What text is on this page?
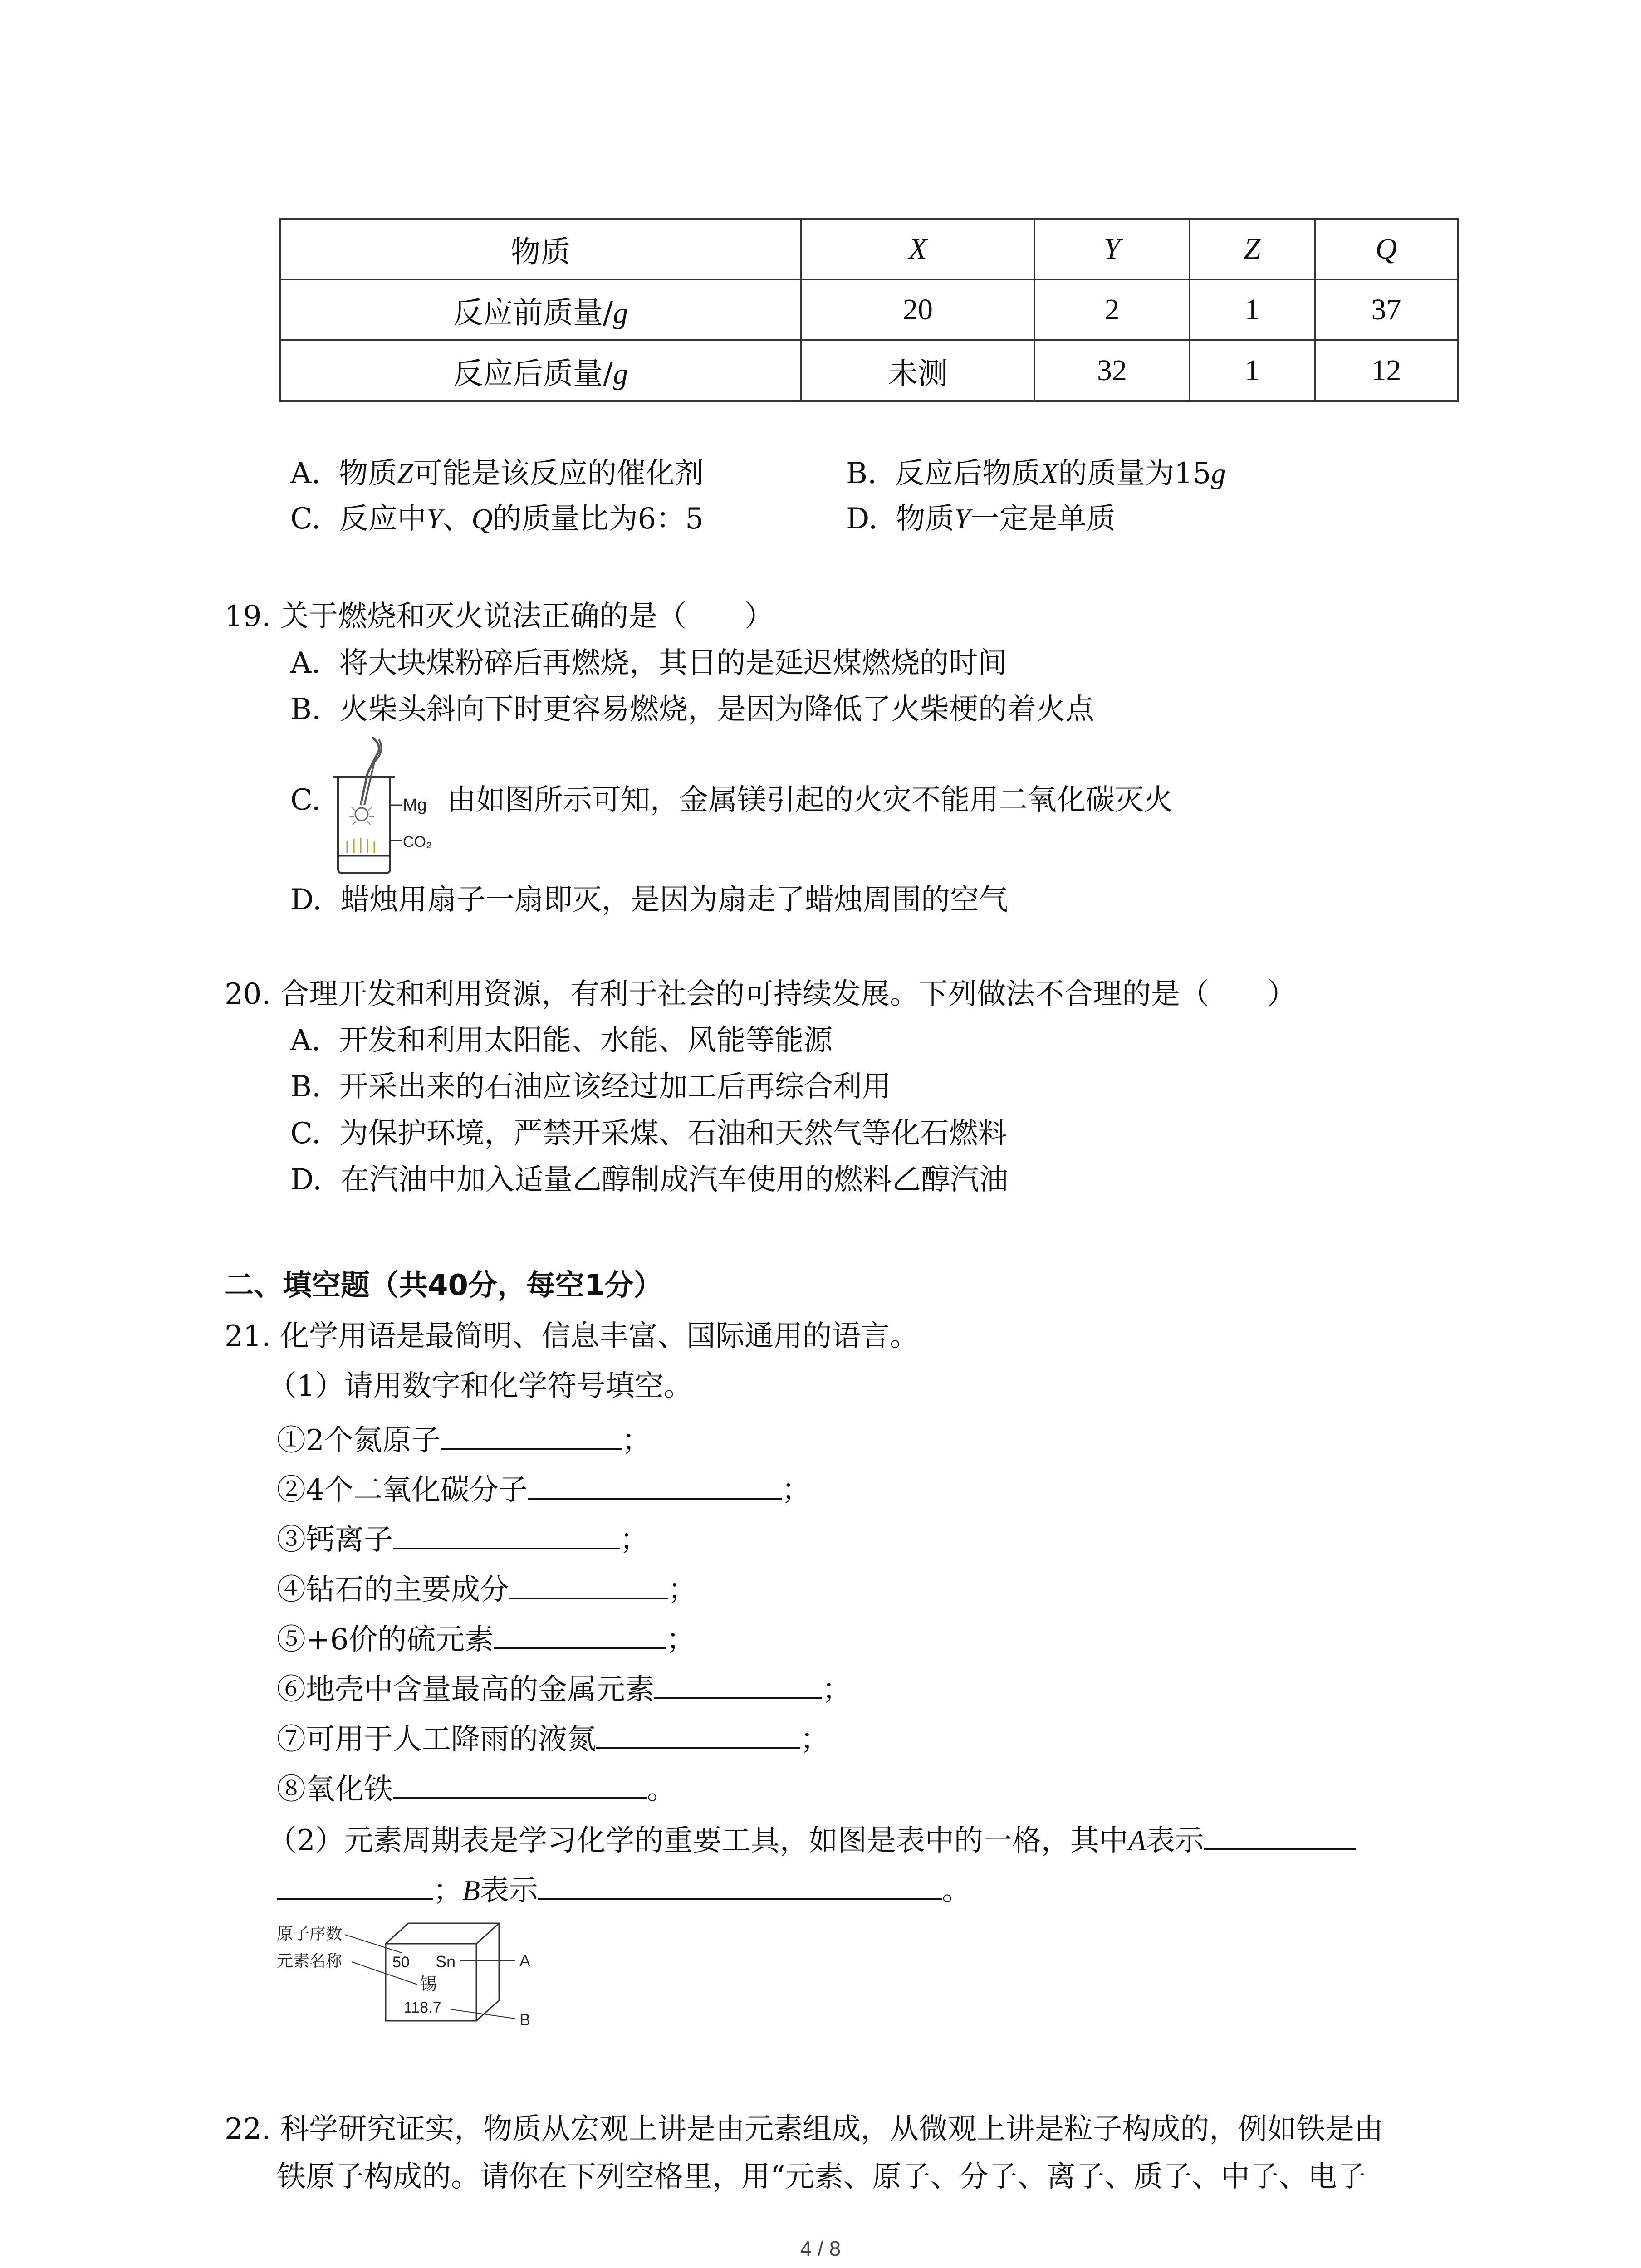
物质	X	Y	Z	Q
反应前质量/g	20	2	1	37
反应后质量/g	未测	32	1	12
A. 物质Z可能是该反应的催化剂	B. 反应后物质X的质量为15g
C. 反应中Y、Q的质量比为6：5	D. 物质Y一定是单质
19. 关于燃烧和灭火说法正确的是（　　）
A. 将大块煤粉碎后再燃烧，其目的是延迟煤燃烧的时间
B. 火柴头斜向下时更容易燃烧，是因为降低了火柴梗的着火点
C.	Mg
CO₂
由如图所示可知，金属镁引起的火灾不能用二氧化碳灭火
D. 蜡烛用扇子一扇即灭，是因为扇走了蜡烛周围的空气
20. 合理开发和利用资源，有利于社会的可持续发展。下列做法不合理的是（　　）
A. 开发和利用太阳能、水能、风能等能源
B. 开采出来的石油应该经过加工后再综合利用
C. 为保护环境，严禁开采煤、石油和天然气等化石燃料
D. 在汽油中加入适量乙醇制成汽车使用的燃料乙醇汽油
二、填空题（共40分，每空1分）
21. 化学用语是最简明、信息丰富、国际通用的语言。
（1）请用数字和化学符号填空。
①2个氮原子	；
②4个二氧化碳分子	；
③钙离子	；
④钻石的主要成分	；
⑤+6价的硫元素	；
⑥地壳中含量最高的金属元素	；
⑦可用于人工降雨的液氮	；
⑧氧化铁	。
（2）元素周期表是学习化学的重要工具，如图是表中的一格，其中A表示
；B表示	。
50 Sn
锡
118.7
原子序数
元素名称	A
B
22. 科学研究证实，物质从宏观上讲是由元素组成，从微观上讲是粒子构成的，例如铁是由
铁原子构成的。请你在下列空格里，用“元素、原子、分子、离子、质子、中子、电子
4 / 8
